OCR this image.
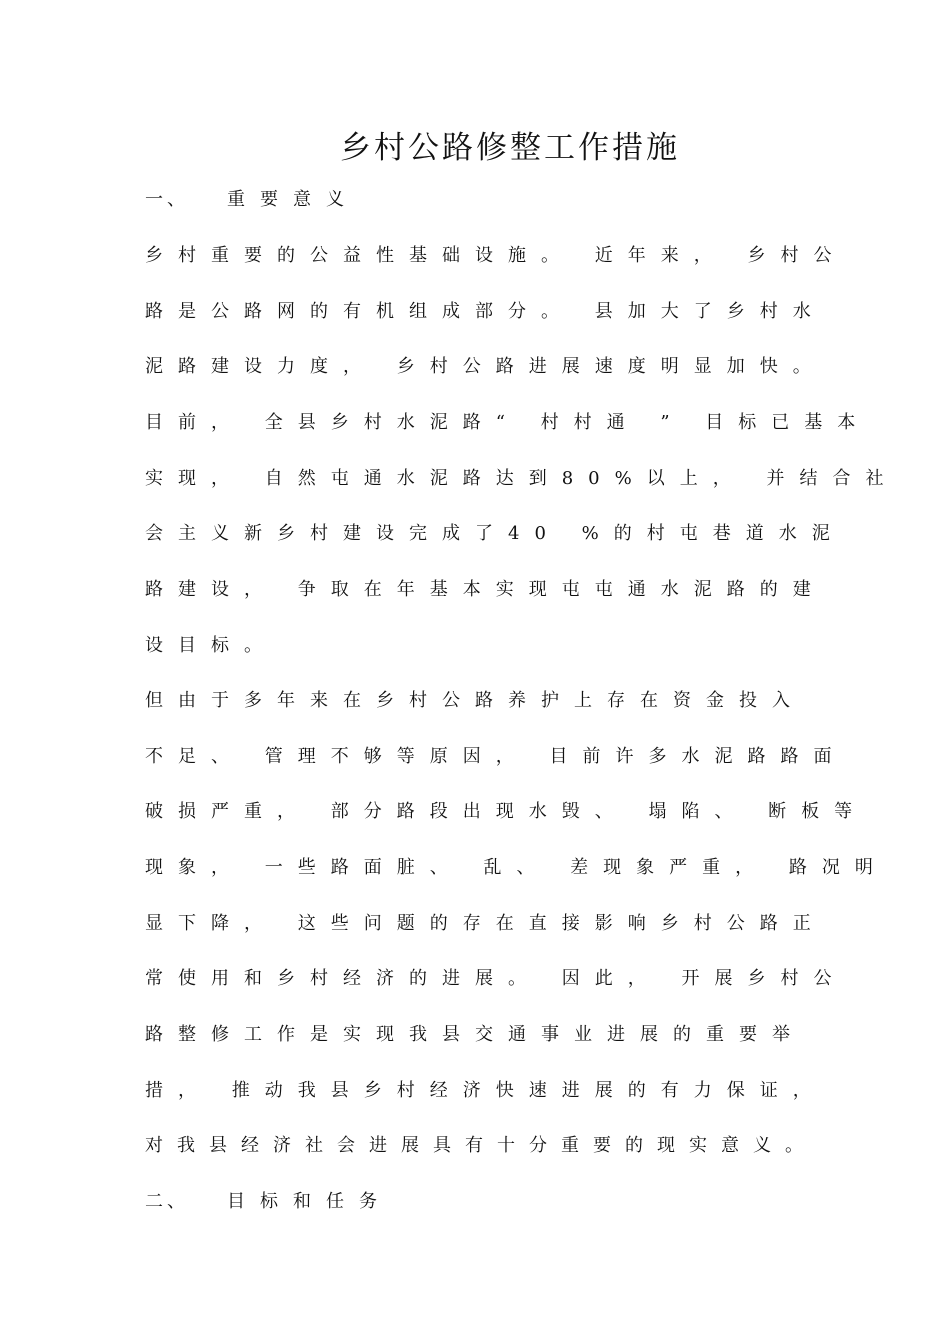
乡村公路修整工作措施
一、 重要意义
乡村重要的公益性基础设施。 近年来， 乡村公
路是公路网的有机组成部分。 县加大了乡村水
泥路建设力度， 乡村公路进展速度明显加快。
目前， 全县乡村水泥路“ 村村通 ” 目标已基本
实现， 自然屯通水泥路达到80%以上， 并结合社
会主义新乡村建设完成了40 %的村屯巷道水泥
路建设， 争取在年基本实现屯屯通水泥路的建
设目标。
但由于多年来在乡村公路养护上存在资金投入
不足、 管理不够等原因， 目前许多水泥路路面
破损严重， 部分路段出现水毁、 塌陷、 断板等
现象， 一些路面脏、 乱、 差现象严重， 路况明
显下降， 这些问题的存在直接影响乡村公路正
常使用和乡村经济的进展。 因此， 开展乡村公
路整修工作是实现我县交通事业进展的重要举
措， 推动我县乡村经济快速进展的有力保证，
对我县经济社会进展具有十分重要的现实意义。
二、 目标和任务
